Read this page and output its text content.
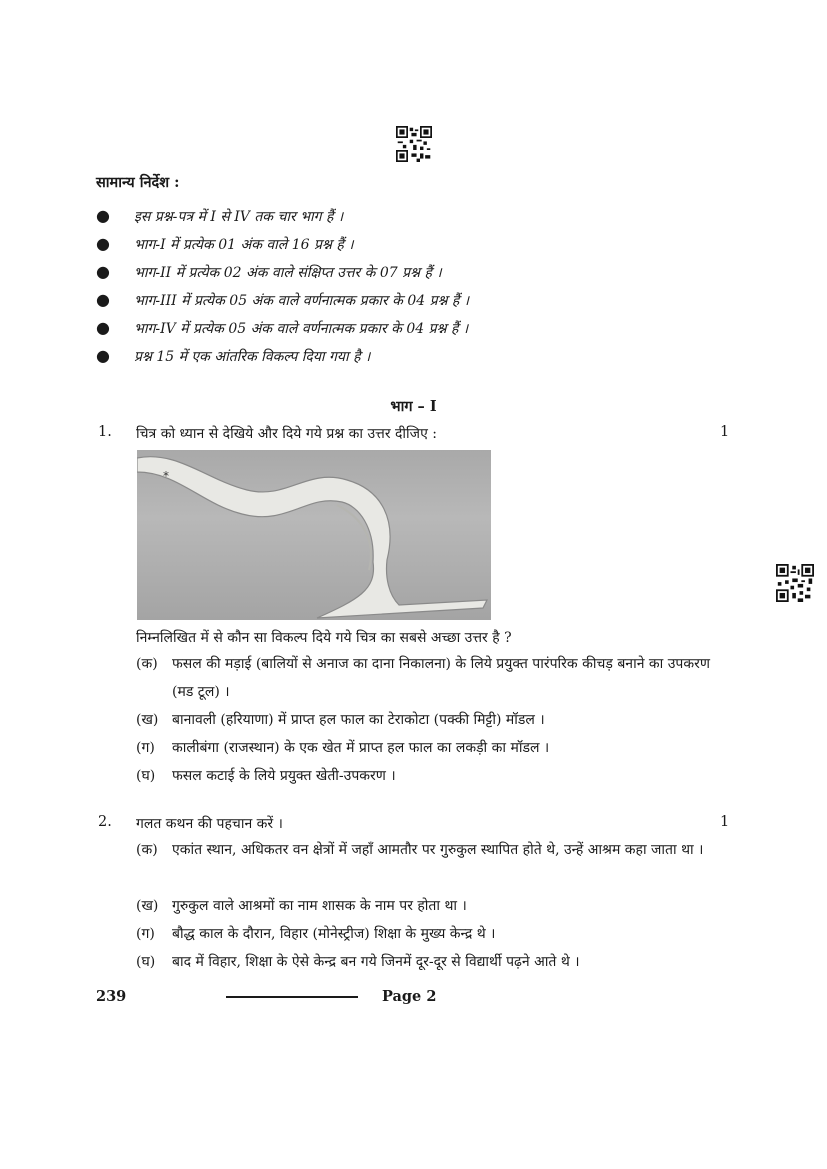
सामान्य निर्देश :
● इस प्रश्न-पत्र में I से IV तक चार भाग हैं ।
● भाग-I में प्रत्येक 01 अंक वाले 16 प्रश्न हैं ।
● भाग-II में प्रत्येक 02 अंक वाले संक्षिप्त उत्तर के 07 प्रश्न हैं ।
● भाग-III में प्रत्येक 05 अंक वाले वर्णनात्मक प्रकार के 04 प्रश्न हैं ।
● भाग-IV में प्रत्येक 05 अंक वाले वर्णनात्मक प्रकार के 04 प्रश्न हैं ।
● प्रश्न 15 में एक आंतरिक विकल्प दिया गया है ।
भाग – I
1. चित्र को ध्यान से देखिये और दिये गये प्रश्न का उत्तर दीजिए :	1
*
निम्नलिखित में से कौन सा विकल्प दिये गये चित्र का सबसे अच्छा उत्तर है ?
(क) फसल की मड़ाई (बालियों से अनाज का दाना निकालना) के लिये प्रयुक्त पारंपरिक कीचड़ बनाने का उपकरण (मड टूल) ।
(ख) बानावली (हरियाणा) में प्राप्त हल फाल का टेराकोटा (पक्की मिट्टी) मॉडल ।
(ग) कालीबंगा (राजस्थान) के एक खेत में प्राप्त हल फाल का लकड़ी का मॉडल ।
(घ) फसल कटाई के लिये प्रयुक्त खेती-उपकरण ।
2. गलत कथन की पहचान करें ।	1
(क) एकांत स्थान, अधिकतर वन क्षेत्रों में जहाँ आमतौर पर गुरुकुल स्थापित होते थे, उन्हें आश्रम कहा जाता था ।
(ख) गुरुकुल वाले आश्रमों का नाम शासक के नाम पर होता था ।
(ग) बौद्ध काल के दौरान, विहार (मोनेस्ट्रीज) शिक्षा के मुख्य केन्द्र थे ।
(घ) बाद में विहार, शिक्षा के ऐसे केन्द्र बन गये जिनमें दूर-दूर से विद्यार्थी पढ़ने आते थे ।
239	Page 2
